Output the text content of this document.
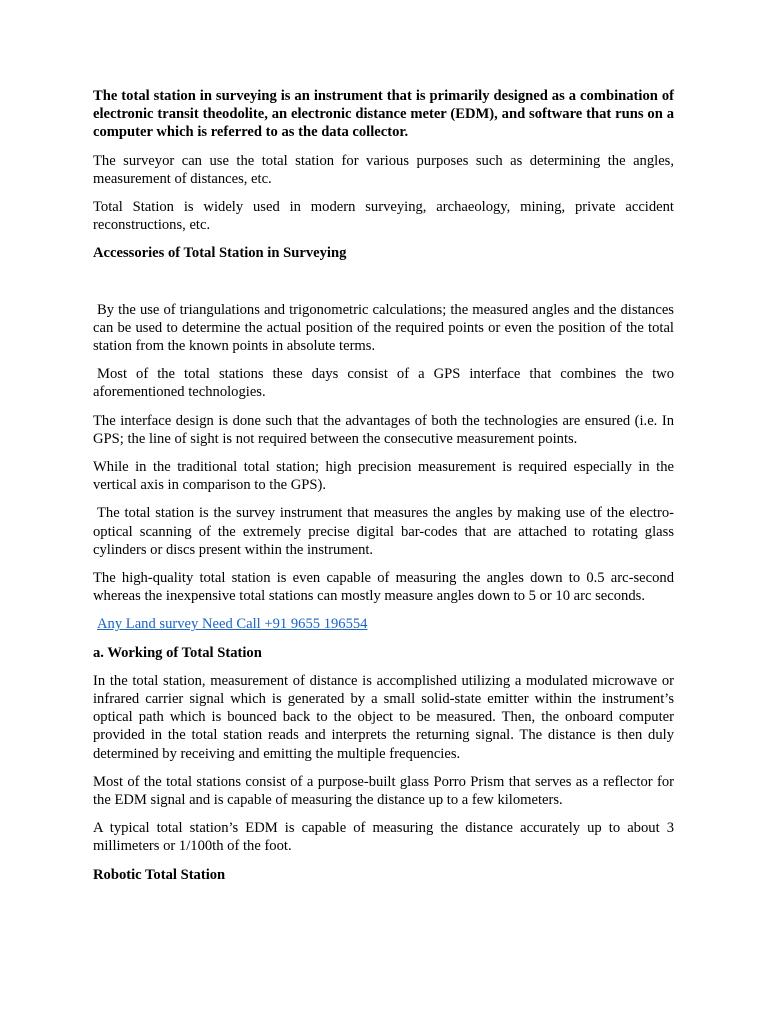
The total station in surveying is an instrument that is primarily designed as a combination of electronic transit theodolite, an electronic distance meter (EDM), and software that runs on a computer which is referred to as the data collector.

The surveyor can use the total station for various purposes such as determining the angles, measurement of distances, etc.

Total Station is widely used in modern surveying, archaeology, mining, private accident reconstructions, etc.

Accessories of Total Station in Surveying

By the use of triangulations and trigonometric calculations; the measured angles and the distances can be used to determine the actual position of the required points or even the position of the total station from the known points in absolute terms.

Most of the total stations these days consist of a GPS interface that combines the two aforementioned technologies.

The interface design is done such that the advantages of both the technologies are ensured (i.e. In GPS; the line of sight is not required between the consecutive measurement points.

While in the traditional total station; high precision measurement is required especially in the vertical axis in comparison to the GPS).

The total station is the survey instrument that measures the angles by making use of the electro-optical scanning of the extremely precise digital bar-codes that are attached to rotating glass cylinders or discs present within the instrument.

The high-quality total station is even capable of measuring the angles down to 0.5 arc-second whereas the inexpensive total stations can mostly measure angles down to 5 or 10 arc seconds.

Any Land survey Need Call +91 9655 196554
a. Working of Total Station

In the total station, measurement of distance is accomplished utilizing a modulated microwave or infrared carrier signal which is generated by a small solid-state emitter within the instrument’s optical path which is bounced back to the object to be measured. Then, the onboard computer provided in the total station reads and interprets the returning signal. The distance is then duly determined by receiving and emitting the multiple frequencies.

Most of the total stations consist of a purpose-built glass Porro Prism that serves as a reflector for the EDM signal and is capable of measuring the distance up to a few kilometers.

A typical total station’s EDM is capable of measuring the distance accurately up to about 3 millimeters or 1/100th of the foot.

Robotic Total Station
